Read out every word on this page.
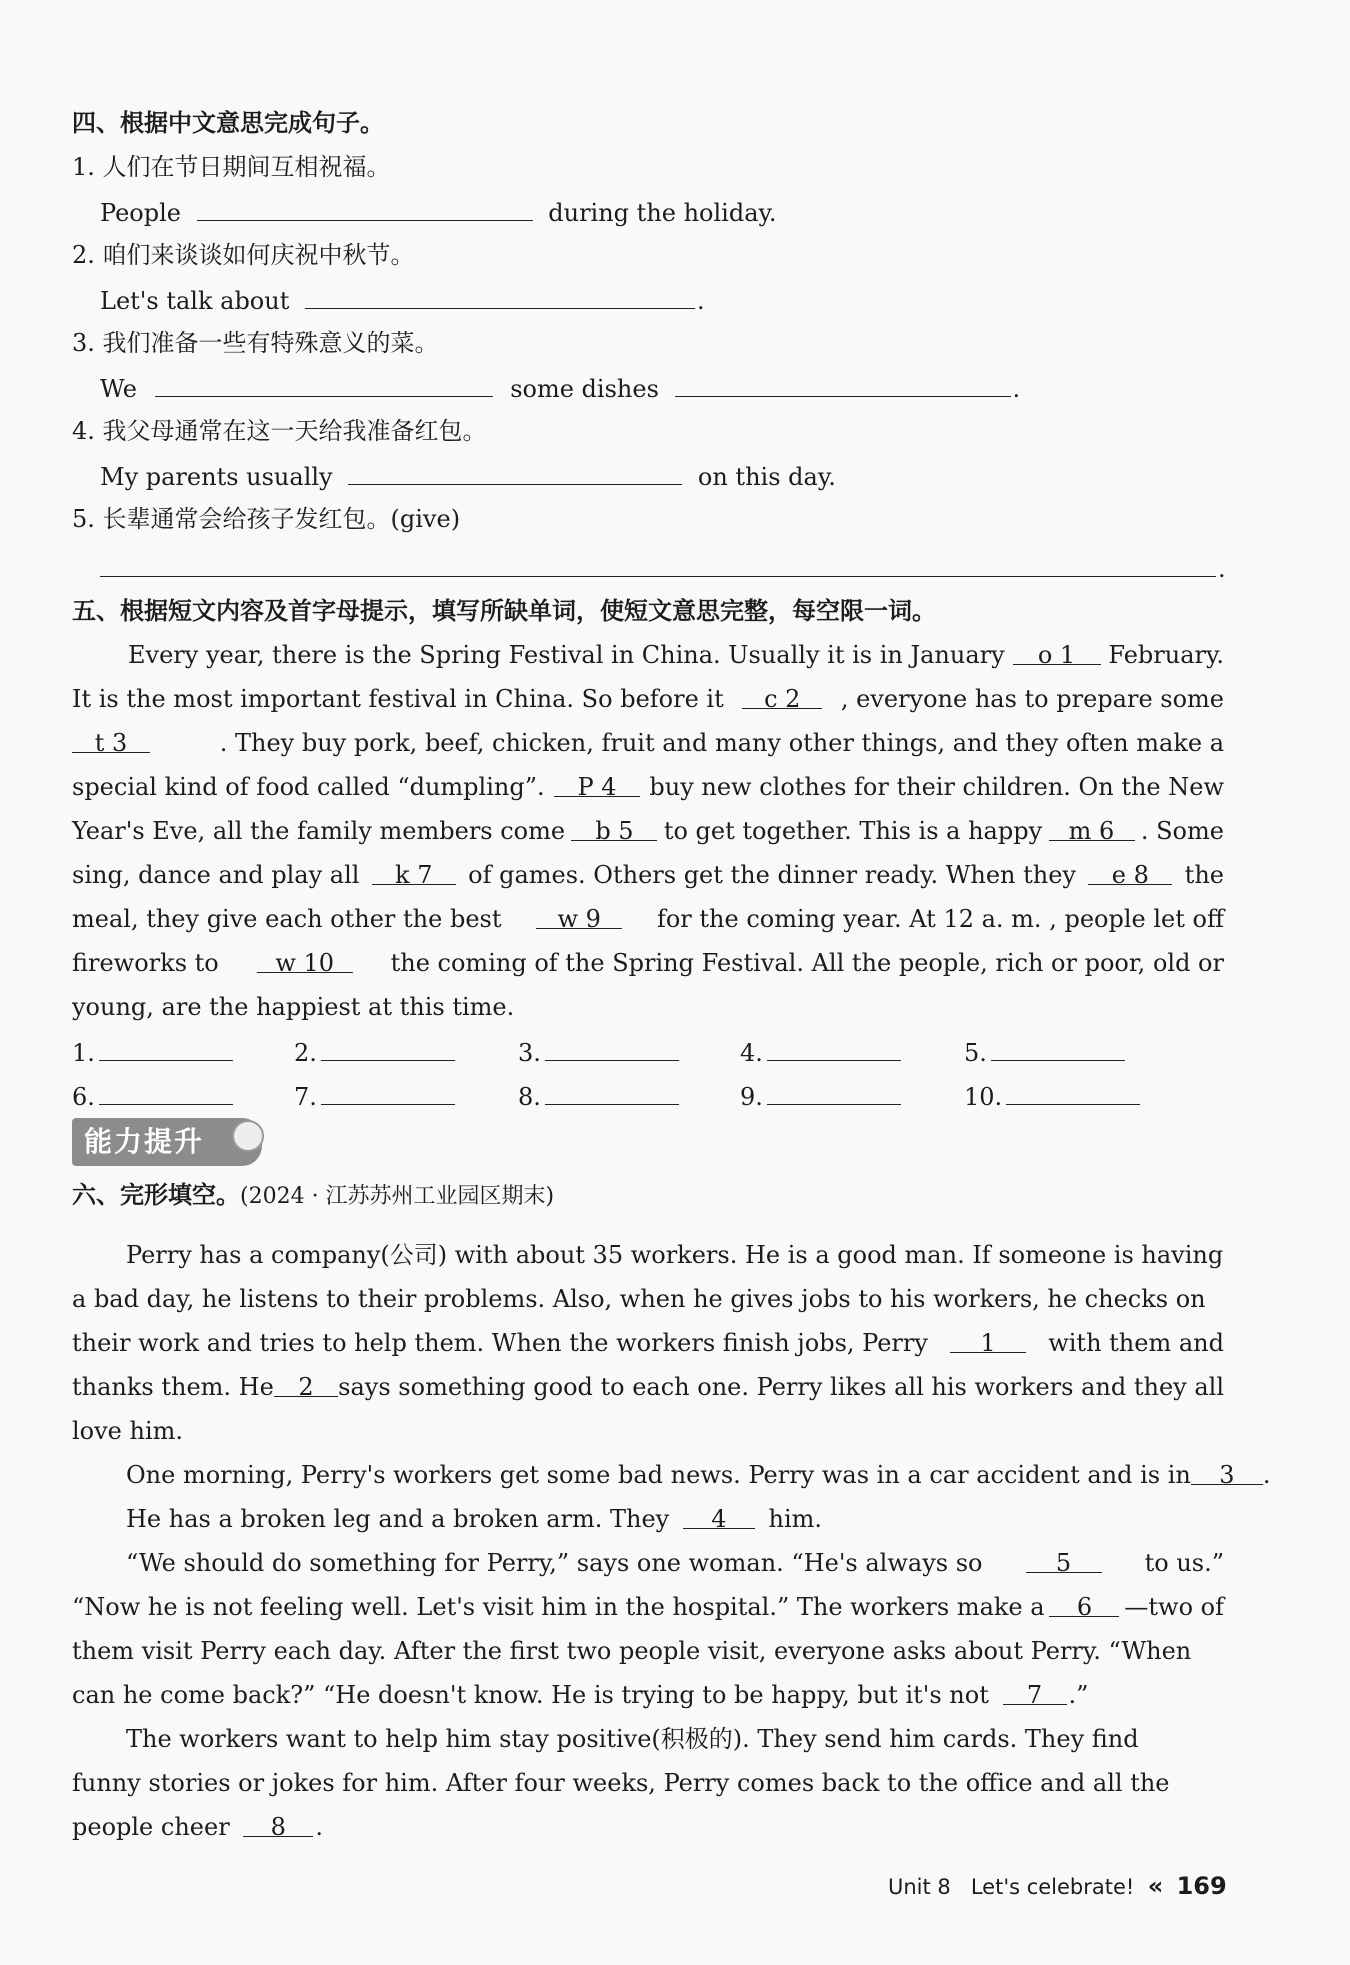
四、根据中文意思完成句子。
1. 人们在节日期间互相祝福。
People	during the holiday.
2. 咱们来谈谈如何庆祝中秋节。
Let's talk about	.
3. 我们准备一些有特殊意义的菜。
We	some dishes	.
4. 我父母通常在这一天给我准备红包。
My parents usually	on this day.
5. 长辈通常会给孩子发红包。(give)
.
五、根据短文内容及首字母提示，填写所缺单词，使短文意思完整，每空限一词。
Every year, there is the Spring Festival in China. Usually it is in January	o 1	February.
It is the most important festival in China. So before it	c 2	, everyone has to prepare some
t 3	. They buy pork, beef, chicken, fruit and many other things, and they often make a
special kind of food called “dumpling”.	P 4	buy new clothes for their children. On the New
Year's Eve, all the family members come	b 5	to get together. This is a happy	m 6	. Some
sing, dance and play all	k 7	of games. Others get the dinner ready. When they	e 8	the
meal, they give each other the best	w 9	for the coming year. At 12 a. m. , people let off
fireworks to	w 10	the coming of the Spring Festival. All the people, rich or poor, old or
young, are the happiest at this time.
1.	2.	3.	4.	5.
6.	7.	8.	9.	10.
能力提升
六、完形填空。(2024 · 江苏苏州工业园区期末)
Perry has a company(公司) with about 35 workers. He is a good man. If someone is having
a bad day, he listens to their problems. Also, when he gives jobs to his workers, he checks on
their work and tries to help them. When the workers finish jobs, Perry	1	with them and
thanks them. He	2	says something good to each one. Perry likes all his workers and they all
love him.
One morning, Perry's workers get some bad news. Perry was in a car accident and is in	3 .
He has a broken leg and a broken arm. They 4 him.
“We should do something for Perry,” says one woman. “He's always so	5	to us.”
“Now he is not feeling well. Let's visit him in the hospital.” The workers make a	6	—two of
them visit Perry each day. After the first two people visit, everyone asks about Perry. “When
can he come back?” “He doesn't know. He is trying to be happy, but it's not 7 .”
The workers want to help him stay positive(积极的). They send him cards. They find
funny stories or jokes for him. After four weeks, Perry comes back to the office and all the
people cheer 8 .
Unit 8 Let's celebrate! « 169
